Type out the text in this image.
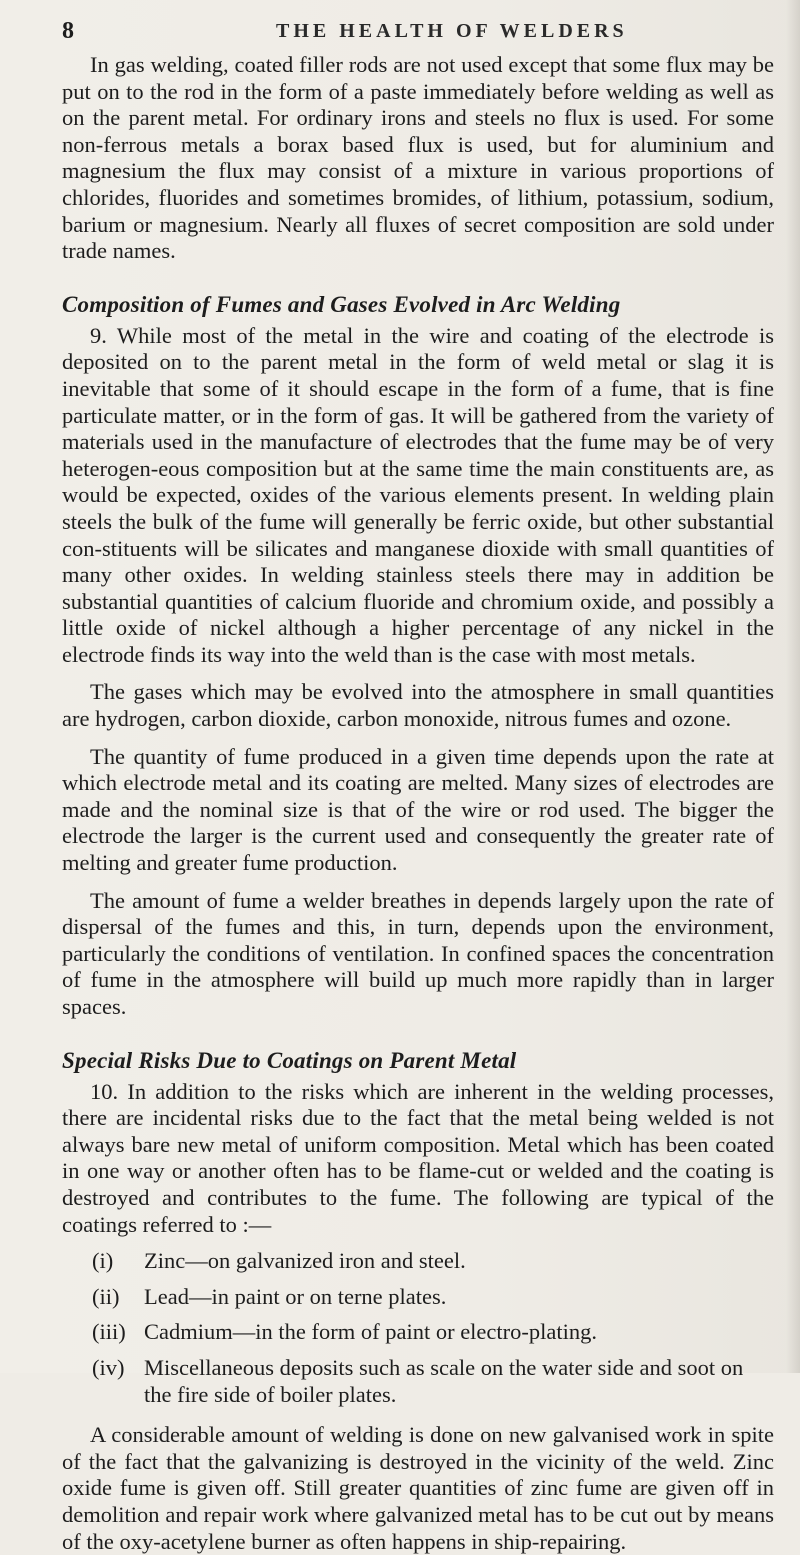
8	THE HEALTH OF WELDERS

In gas welding, coated filler rods are not used except that some flux may be put on to the rod in the form of a paste immediately before welding as well as on the parent metal. For ordinary irons and steels no flux is used. For some non-ferrous metals a borax based flux is used, but for aluminium and magnesium the flux may consist of a mixture in various proportions of chlorides, fluorides and sometimes bromides, of lithium, potassium, sodium, barium or magnesium. Nearly all fluxes of secret composition are sold under trade names.

Composition of Fumes and Gases Evolved in Arc Welding

9. While most of the metal in the wire and coating of the electrode is deposited on to the parent metal in the form of weld metal or slag it is inevitable that some of it should escape in the form of a fume, that is fine particulate matter, or in the form of gas. It will be gathered from the variety of materials used in the manufacture of electrodes that the fume may be of very heterogen-eous composition but at the same time the main constituents are, as would be expected, oxides of the various elements present. In welding plain steels the bulk of the fume will generally be ferric oxide, but other substantial con-stituents will be silicates and manganese dioxide with small quantities of many other oxides. In welding stainless steels there may in addition be substantial quantities of calcium fluoride and chromium oxide, and possibly a little oxide of nickel although a higher percentage of any nickel in the electrode finds its way into the weld than is the case with most metals.

The gases which may be evolved into the atmosphere in small quantities are hydrogen, carbon dioxide, carbon monoxide, nitrous fumes and ozone.

The quantity of fume produced in a given time depends upon the rate at which electrode metal and its coating are melted. Many sizes of electrodes are made and the nominal size is that of the wire or rod used. The bigger the electrode the larger is the current used and consequently the greater rate of melting and greater fume production.

The amount of fume a welder breathes in depends largely upon the rate of dispersal of the fumes and this, in turn, depends upon the environment, particularly the conditions of ventilation. In confined spaces the concentration of fume in the atmosphere will build up much more rapidly than in larger spaces.

Special Risks Due to Coatings on Parent Metal

10. In addition to the risks which are inherent in the welding processes, there are incidental risks due to the fact that the metal being welded is not always bare new metal of uniform composition. Metal which has been coated in one way or another often has to be flame-cut or welded and the coating is destroyed and contributes to the fume. The following are typical of the coatings referred to :—

(i) Zinc—on galvanized iron and steel.
(ii) Lead—in paint or on terne plates.
(iii) Cadmium—in the form of paint or electro-plating.
(iv) Miscellaneous deposits such as scale on the water side and soot on the fire side of boiler plates.

A considerable amount of welding is done on new galvanised work in spite of the fact that the galvanizing is destroyed in the vicinity of the weld. Zinc oxide fume is given off. Still greater quantities of zinc fume are given off in demolition and repair work where galvanized metal has to be cut out by means of the oxy-acetylene burner as often happens in ship-repairing.
